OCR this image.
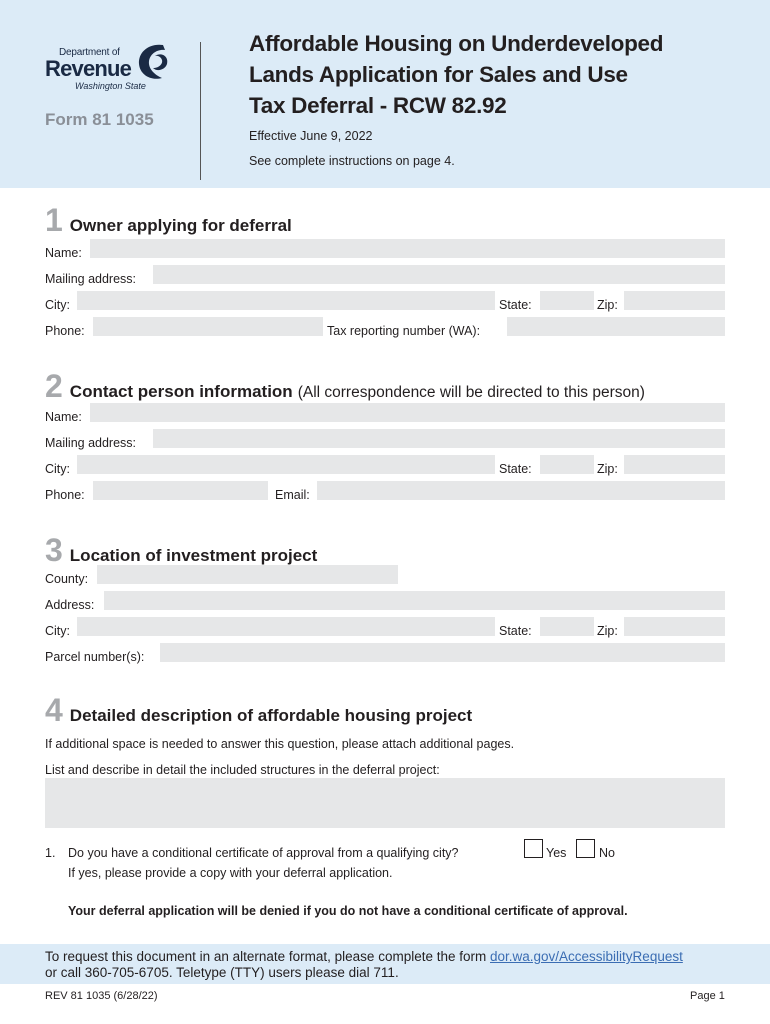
Department of
Revenue
Washington State
Form 81 1035
Affordable Housing on Underdeveloped
Lands Application for Sales and Use
Tax Deferral - RCW 82.92
Effective June 9, 2022
See complete instructions on page 4.
1 Owner applying for deferral
Name:
Mailing address:
City:	State:	Zip:
Phone:	Tax reporting number (WA):
2 Contact person information (All correspondence will be directed to this person)
Name:
Mailing address:
City:	State:	Zip:
Phone:	Email:
3 Location of investment project
County:
Address:
City:	State:	Zip:
Parcel number(s):
4 Detailed description of affordable housing project
If additional space is needed to answer this question, please attach additional pages.
List and describe in detail the included structures in the deferral project:
1. Do you have a conditional certificate of approval from a qualifying city?	Yes	No
If yes, please provide a copy with your deferral application.
Your deferral application will be denied if you do not have a conditional certificate of approval.
To request this document in an alternate format, please complete the form dor.wa.gov/AccessibilityRequest
or call 360-705-6705. Teletype (TTY) users please dial 711.
REV 81 1035 (6/28/22)	Page 1
